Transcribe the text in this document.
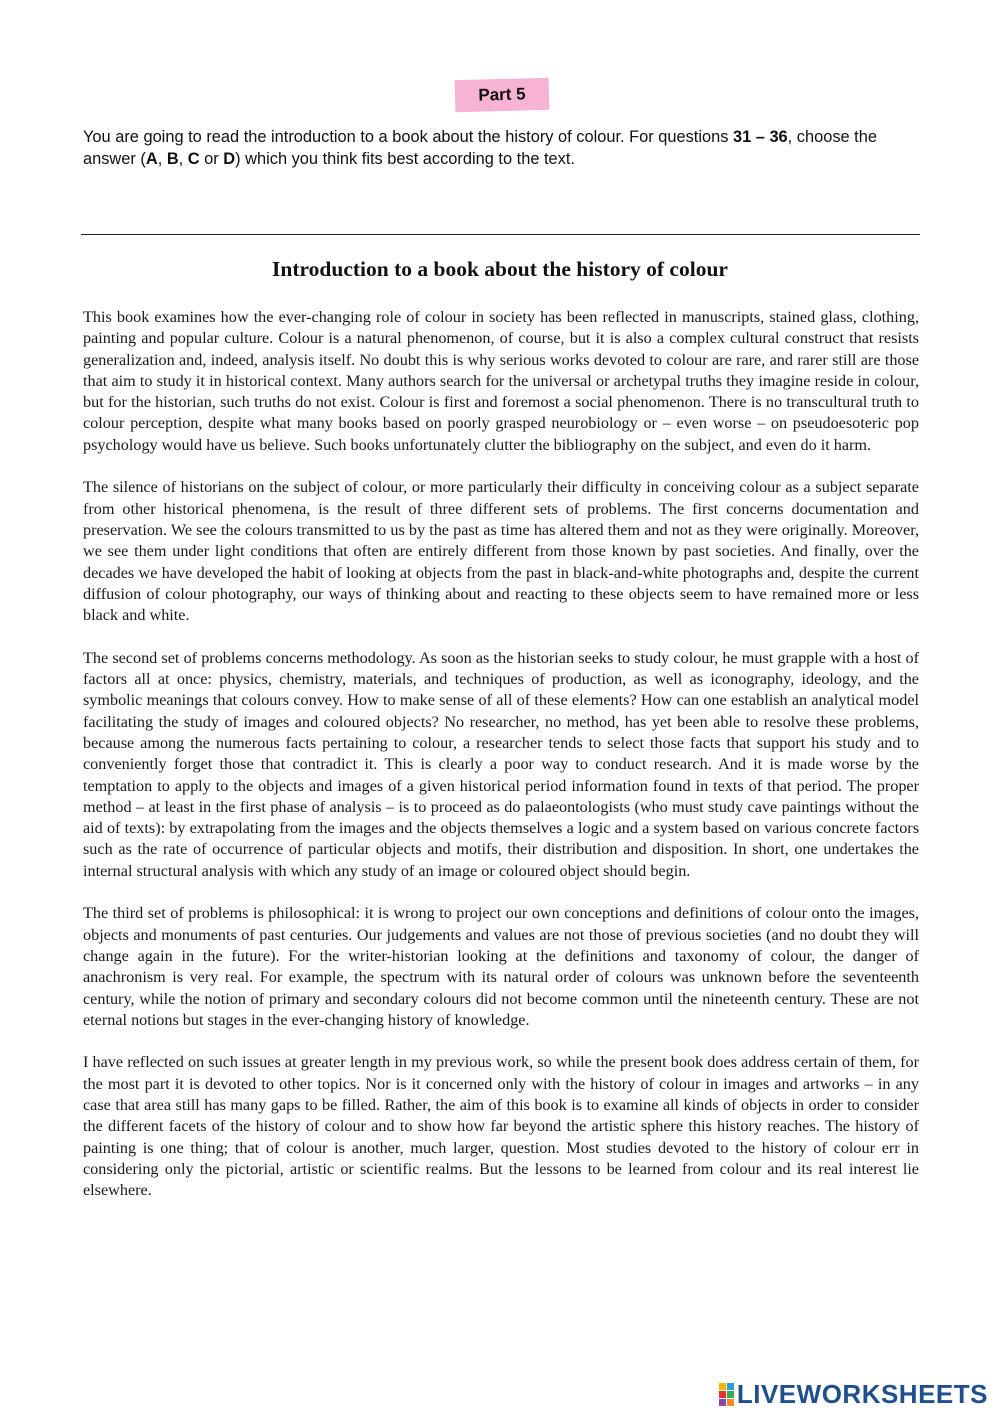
Part 5
You are going to read the introduction to a book about the history of colour. For questions 31 – 36, choose the answer (A, B, C or D) which you think fits best according to the text.
Introduction to a book about the history of colour

This book examines how the ever-changing role of colour in society has been reflected in manuscripts, stained glass, clothing, painting and popular culture. Colour is a natural phenomenon, of course, but it is also a complex cultural construct that resists generalization and, indeed, analysis itself. No doubt this is why serious works devoted to colour are rare, and rarer still are those that aim to study it in historical context. Many authors search for the universal or archetypal truths they imagine reside in colour, but for the historian, such truths do not exist. Colour is first and foremost a social phenomenon. There is no transcultural truth to colour perception, despite what many books based on poorly grasped neurobiology or – even worse – on pseudoesoteric pop psychology would have us believe. Such books unfortunately clutter the bibliography on the subject, and even do it harm.

The silence of historians on the subject of colour, or more particularly their difficulty in conceiving colour as a subject separate from other historical phenomena, is the result of three different sets of problems. The first concerns documentation and preservation. We see the colours transmitted to us by the past as time has altered them and not as they were originally. Moreover, we see them under light conditions that often are entirely different from those known by past societies. And finally, over the decades we have developed the habit of looking at objects from the past in black-and-white photographs and, despite the current diffusion of colour photography, our ways of thinking about and reacting to these objects seem to have remained more or less black and white.

The second set of problems concerns methodology. As soon as the historian seeks to study colour, he must grapple with a host of factors all at once: physics, chemistry, materials, and techniques of production, as well as iconography, ideology, and the symbolic meanings that colours convey. How to make sense of all of these elements? How can one establish an analytical model facilitating the study of images and coloured objects? No researcher, no method, has yet been able to resolve these problems, because among the numerous facts pertaining to colour, a researcher tends to select those facts that support his study and to conveniently forget those that contradict it. This is clearly a poor way to conduct research. And it is made worse by the temptation to apply to the objects and images of a given historical period information found in texts of that period. The proper method – at least in the first phase of analysis – is to proceed as do palaeontologists (who must study cave paintings without the aid of texts): by extrapolating from the images and the objects themselves a logic and a system based on various concrete factors such as the rate of occurrence of particular objects and motifs, their distribution and disposition. In short, one undertakes the internal structural analysis with which any study of an image or coloured object should begin.

The third set of problems is philosophical: it is wrong to project our own conceptions and definitions of colour onto the images, objects and monuments of past centuries. Our judgements and values are not those of previous societies (and no doubt they will change again in the future). For the writer-historian looking at the definitions and taxonomy of colour, the danger of anachronism is very real. For example, the spectrum with its natural order of colours was unknown before the seventeenth century, while the notion of primary and secondary colours did not become common until the nineteenth century. These are not eternal notions but stages in the ever-changing history of knowledge.

I have reflected on such issues at greater length in my previous work, so while the present book does address certain of them, for the most part it is devoted to other topics. Nor is it concerned only with the history of colour in images and artworks – in any case that area still has many gaps to be filled. Rather, the aim of this book is to examine all kinds of objects in order to consider the different facets of the history of colour and to show how far beyond the artistic sphere this history reaches. The history of painting is one thing; that of colour is another, much larger, question. Most studies devoted to the history of colour err in considering only the pictorial, artistic or scientific realms. But the lessons to be learned from colour and its real interest lie elsewhere.

LIVEWORKSHEETS
